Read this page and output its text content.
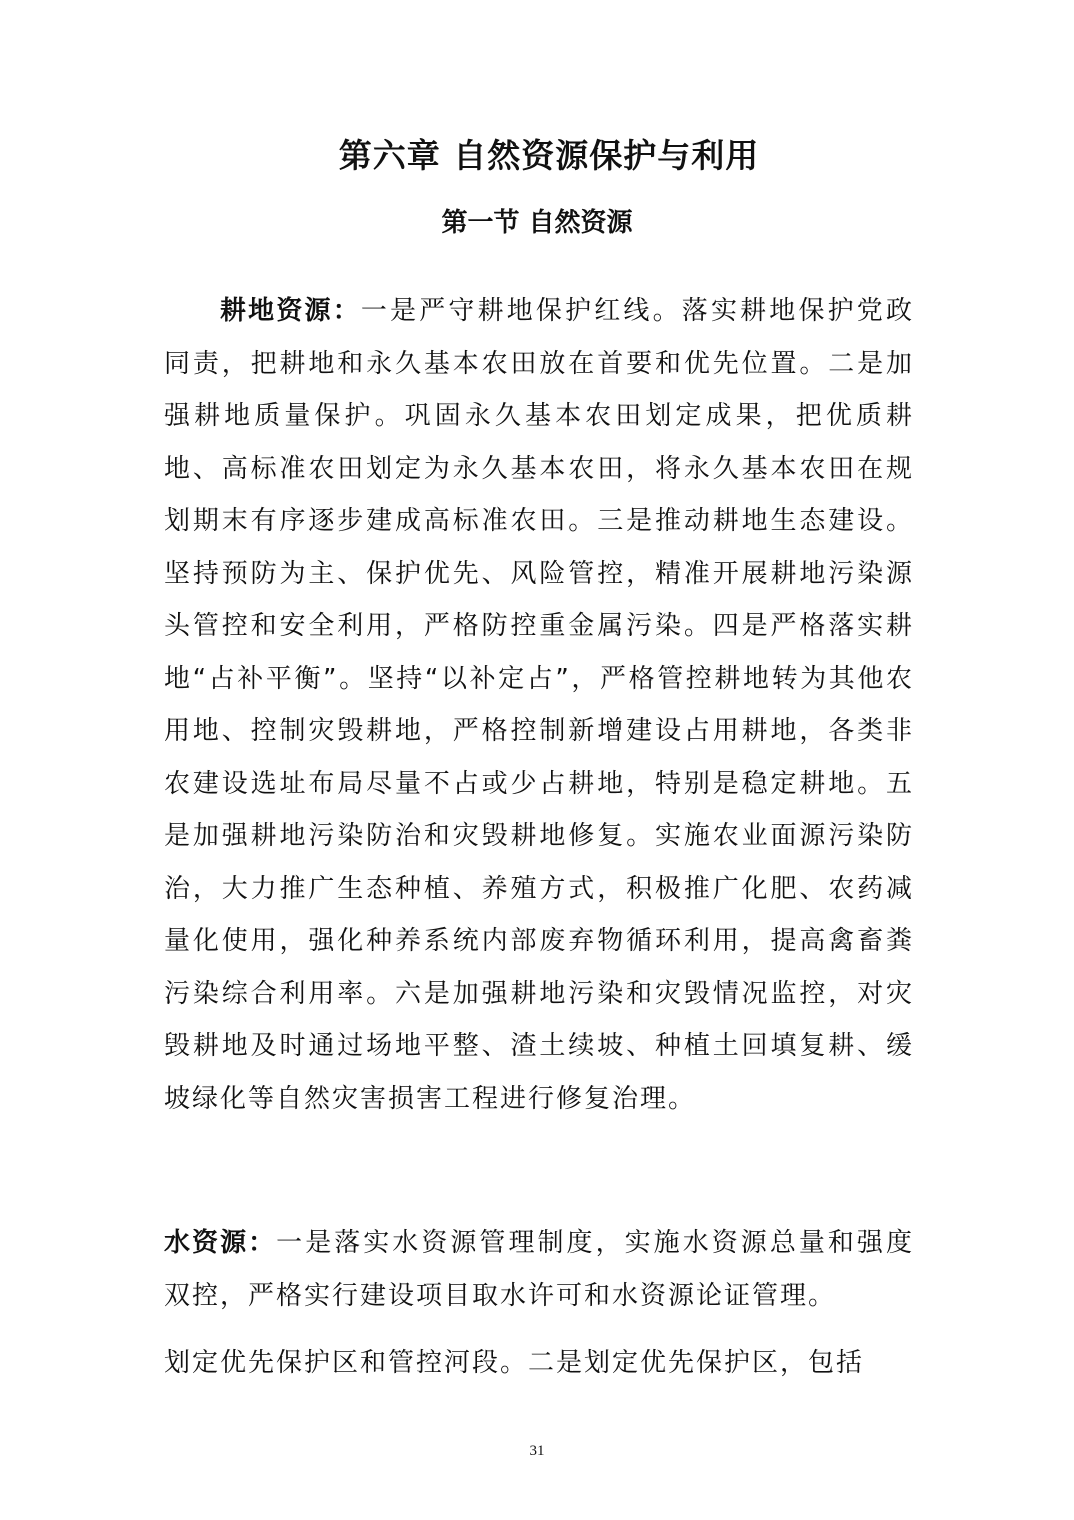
第六章 自然资源保护与利用
第一节 自然资源

耕地资源：一是严守耕地保护红线。落实耕地保护党政同责，把耕地和永久基本农田放在首要和优先位置。二是加强耕地质量保护。巩固永久基本农田划定成果，把优质耕地、高标准农田划定为永久基本农田，将永久基本农田在规划期末有序逐步建成高标准农田。三是推动耕地生态建设。坚持预防为主、保护优先、风险管控，精准开展耕地污染源头管控和安全利用，严格防控重金属污染。四是严格落实耕地“占补平衡”。坚持“以补定占”，严格管控耕地转为其他农用地、控制灾毁耕地，严格控制新增建设占用耕地，各类非农建设选址布局尽量不占或少占耕地，特别是稳定耕地。五是加强耕地污染防治和灾毁耕地修复。实施农业面源污染防治，大力推广生态种植、养殖方式，积极推广化肥、农药减量化使用，强化种养系统内部废弃物循环利用，提高禽畜粪污染综合利用率。六是加强耕地污染和灾毁情况监控，对灾毁耕地及时通过场地平整、渣土续坡、种植土回填复耕、缓坡绿化等自然灾害损害工程进行修复治理。

水资源：一是落实水资源管理制度，实施水资源总量和强度双控，严格实行建设项目取水许可和水资源论证管理。

划定优先保护区和管控河段。二是划定优先保护区，包括

31
